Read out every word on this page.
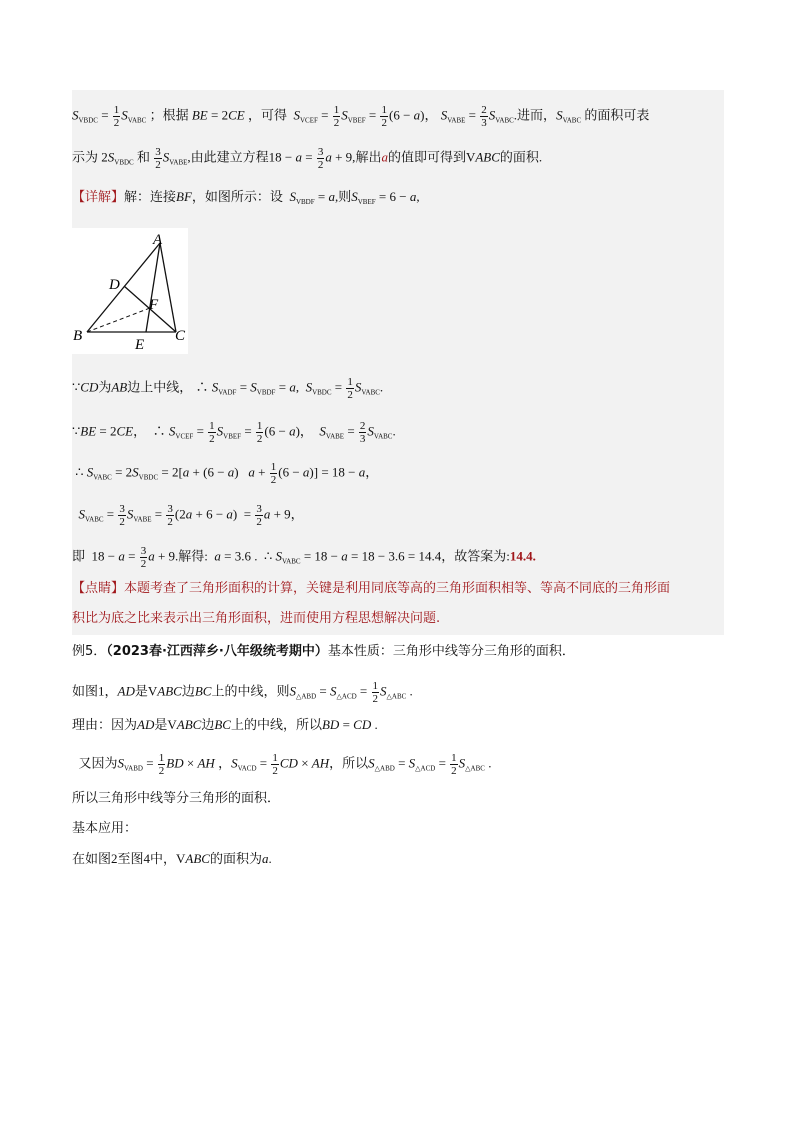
$S_{VBDC} = \frac{1}{2} S_{VABC}$ ；根据 BE = 2CE ，可得 $S_{VCEF} = \frac{1}{2} S_{VBEF} = \frac{1}{2} (6 - a)$， $S_{VABE} = \frac{2}{3} S_{VABC}$.进而，$S_{VABC}$ 的面积可表
示为 $2S_{VBDC}$ 和 $\frac{3}{2} S_{VABE}$,由此建立方程$18 - a = \frac{3}{2}$ a + 9,解出a的值即可得到VABC的面积.
【详解】解：连接BF，如图所示：设 $S_{VBDF} = a$,则$S_{VBEF} = 6 - a$,
A
D
F
B
E
C
∵CD为AB边上中线， ∴ $S_{VADF} = S_{VBDF} = a$,  $S_{VBDC} = \frac{1}{2} S_{VABC}$.
∵BE = 2CE，  ∴ $S_{VCEF} = \frac{1}{2} S_{VBEF} = \frac{1}{2} (6 - a)$，  $S_{VABE} = \frac{2}{3} S_{VABC}$.
∴ $S_{VABC} = 2S_{VBDC} = 2[a + (6 - a) a + \frac{1}{2} (6 - a)] = 18 - a$，
$S_{VABC} = \frac{3}{2} S_{VABE} = \frac{3}{2} (2a + 6 - a) = \frac{3}{2}$ a + 9，
即  $18 - a = \frac{3}{2}$ a + 9.解得: a = 3.6 .  ∴ $S_{VABC} = 18 - a = 18 - 3.6 = 14.4$，故答案为:14.4.
【点睛】本题考查了三角形面积的计算，关键是利用同底等高的三角形面积相等、等高不同底的三角形面
积比为底之比来表示出三角形面积，进而使用方程思想解决问题.
例5．（2023春·江西萍乡·八年级统考期中）基本性质：三角形中线等分三角形的面积．
如图1，AD是VABC边BC上的中线，则$S_{\triangle ABD} = S_{\triangle ACD} = \frac{1}{2} S_{\triangle ABC}$ .
理由：因为AD是VABC边BC上的中线，所以BD = CD .
又因为$S_{VABD} = \frac{1}{2}$ BD × AH ，$S_{VACD} = \frac{1}{2}$ CD × AH，所以$S_{\triangle ABD} = S_{\triangle ACD} = \frac{1}{2} S_{\triangle ABC}$ .
所以三角形中线等分三角形的面积．
基本应用：
在如图2至图4中，VABC的面积为a.
